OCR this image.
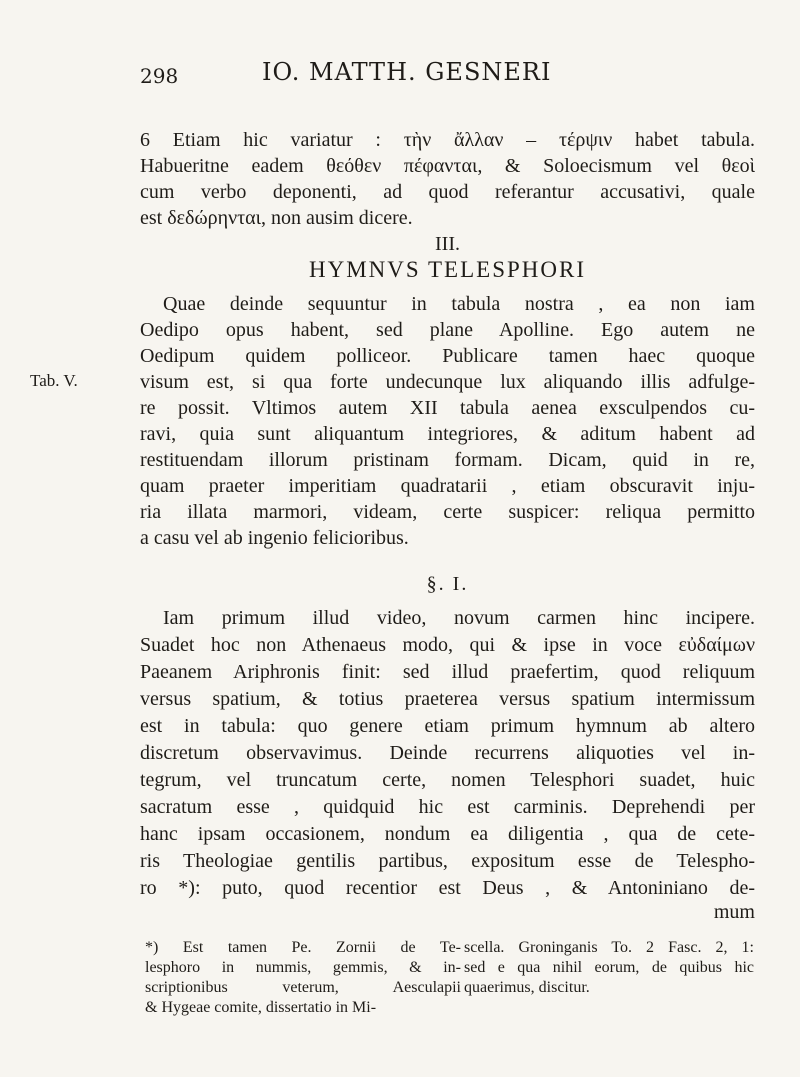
298	IO. MATTH. GESNERI
6 Etiam hic variatur : τὴν ἄλλαν – τέρψιν habet tabula.
Habueritne eadem θεόθεν πέφανται, & Soloecismum vel θεοὶ
cum verbo deponenti, ad quod referantur accusativi, quale
est δεδώρηνται, non ausim dicere.
III.
HYMNVS TELESPHORI
Quae deinde sequuntur in tabula nostra , ea non iam
Oedipo opus habent, sed plane Apolline. Ego autem ne
Oedipum quidem polliceor. Publicare tamen haec quoque
Tab. V.	visum est, si qua forte undecunque lux aliquando illis adfulge-
re possit. Vltimos autem XII tabula aenea exsculpendos cu-
ravi, quia sunt aliquantum integriores, & aditum habent ad
restituendam illorum pristinam formam. Dicam, quid in re,
quam praeter imperitiam quadratarii , etiam obscuravit inju-
ria illata marmori, videam, certe suspicer: reliqua permitto
a casu vel ab ingenio felicioribus.
§. I.
Iam primum illud video, novum carmen hinc incipere.
Suadet hoc non Athenaeus modo, qui & ipse in voce εὐδαίμων
Paeanem Ariphronis finit: sed illud praefertim, quod reliquum
versus spatium, & totius praeterea versus spatium intermissum
est in tabula: quo genere etiam primum hymnum ab altero
discretum observavimus. Deinde recurrens aliquoties vel in-
tegrum, vel truncatum certe, nomen Telesphori suadet, huic
sacratum esse , quidquid hic est carminis. Deprehendi per
hanc ipsam occasionem, nondum ea diligentia , qua de cete-
ris Theologiae gentilis partibus, expositum esse de Telespho-
ro *): puto, quod recentior est Deus , & Antoniniano de-
mum
*) Est tamen Pe. Zornii de Te-
lesphoro in nummis, gemmis, & in-
scriptionibus veterum, Aesculapii
& Hygeae comite, dissertatio in Mi-
scella. Groninganis To. 2 Fasc. 2, 1:
sed e qua nihil eorum, de quibus hic
quaerimus, discitur.
